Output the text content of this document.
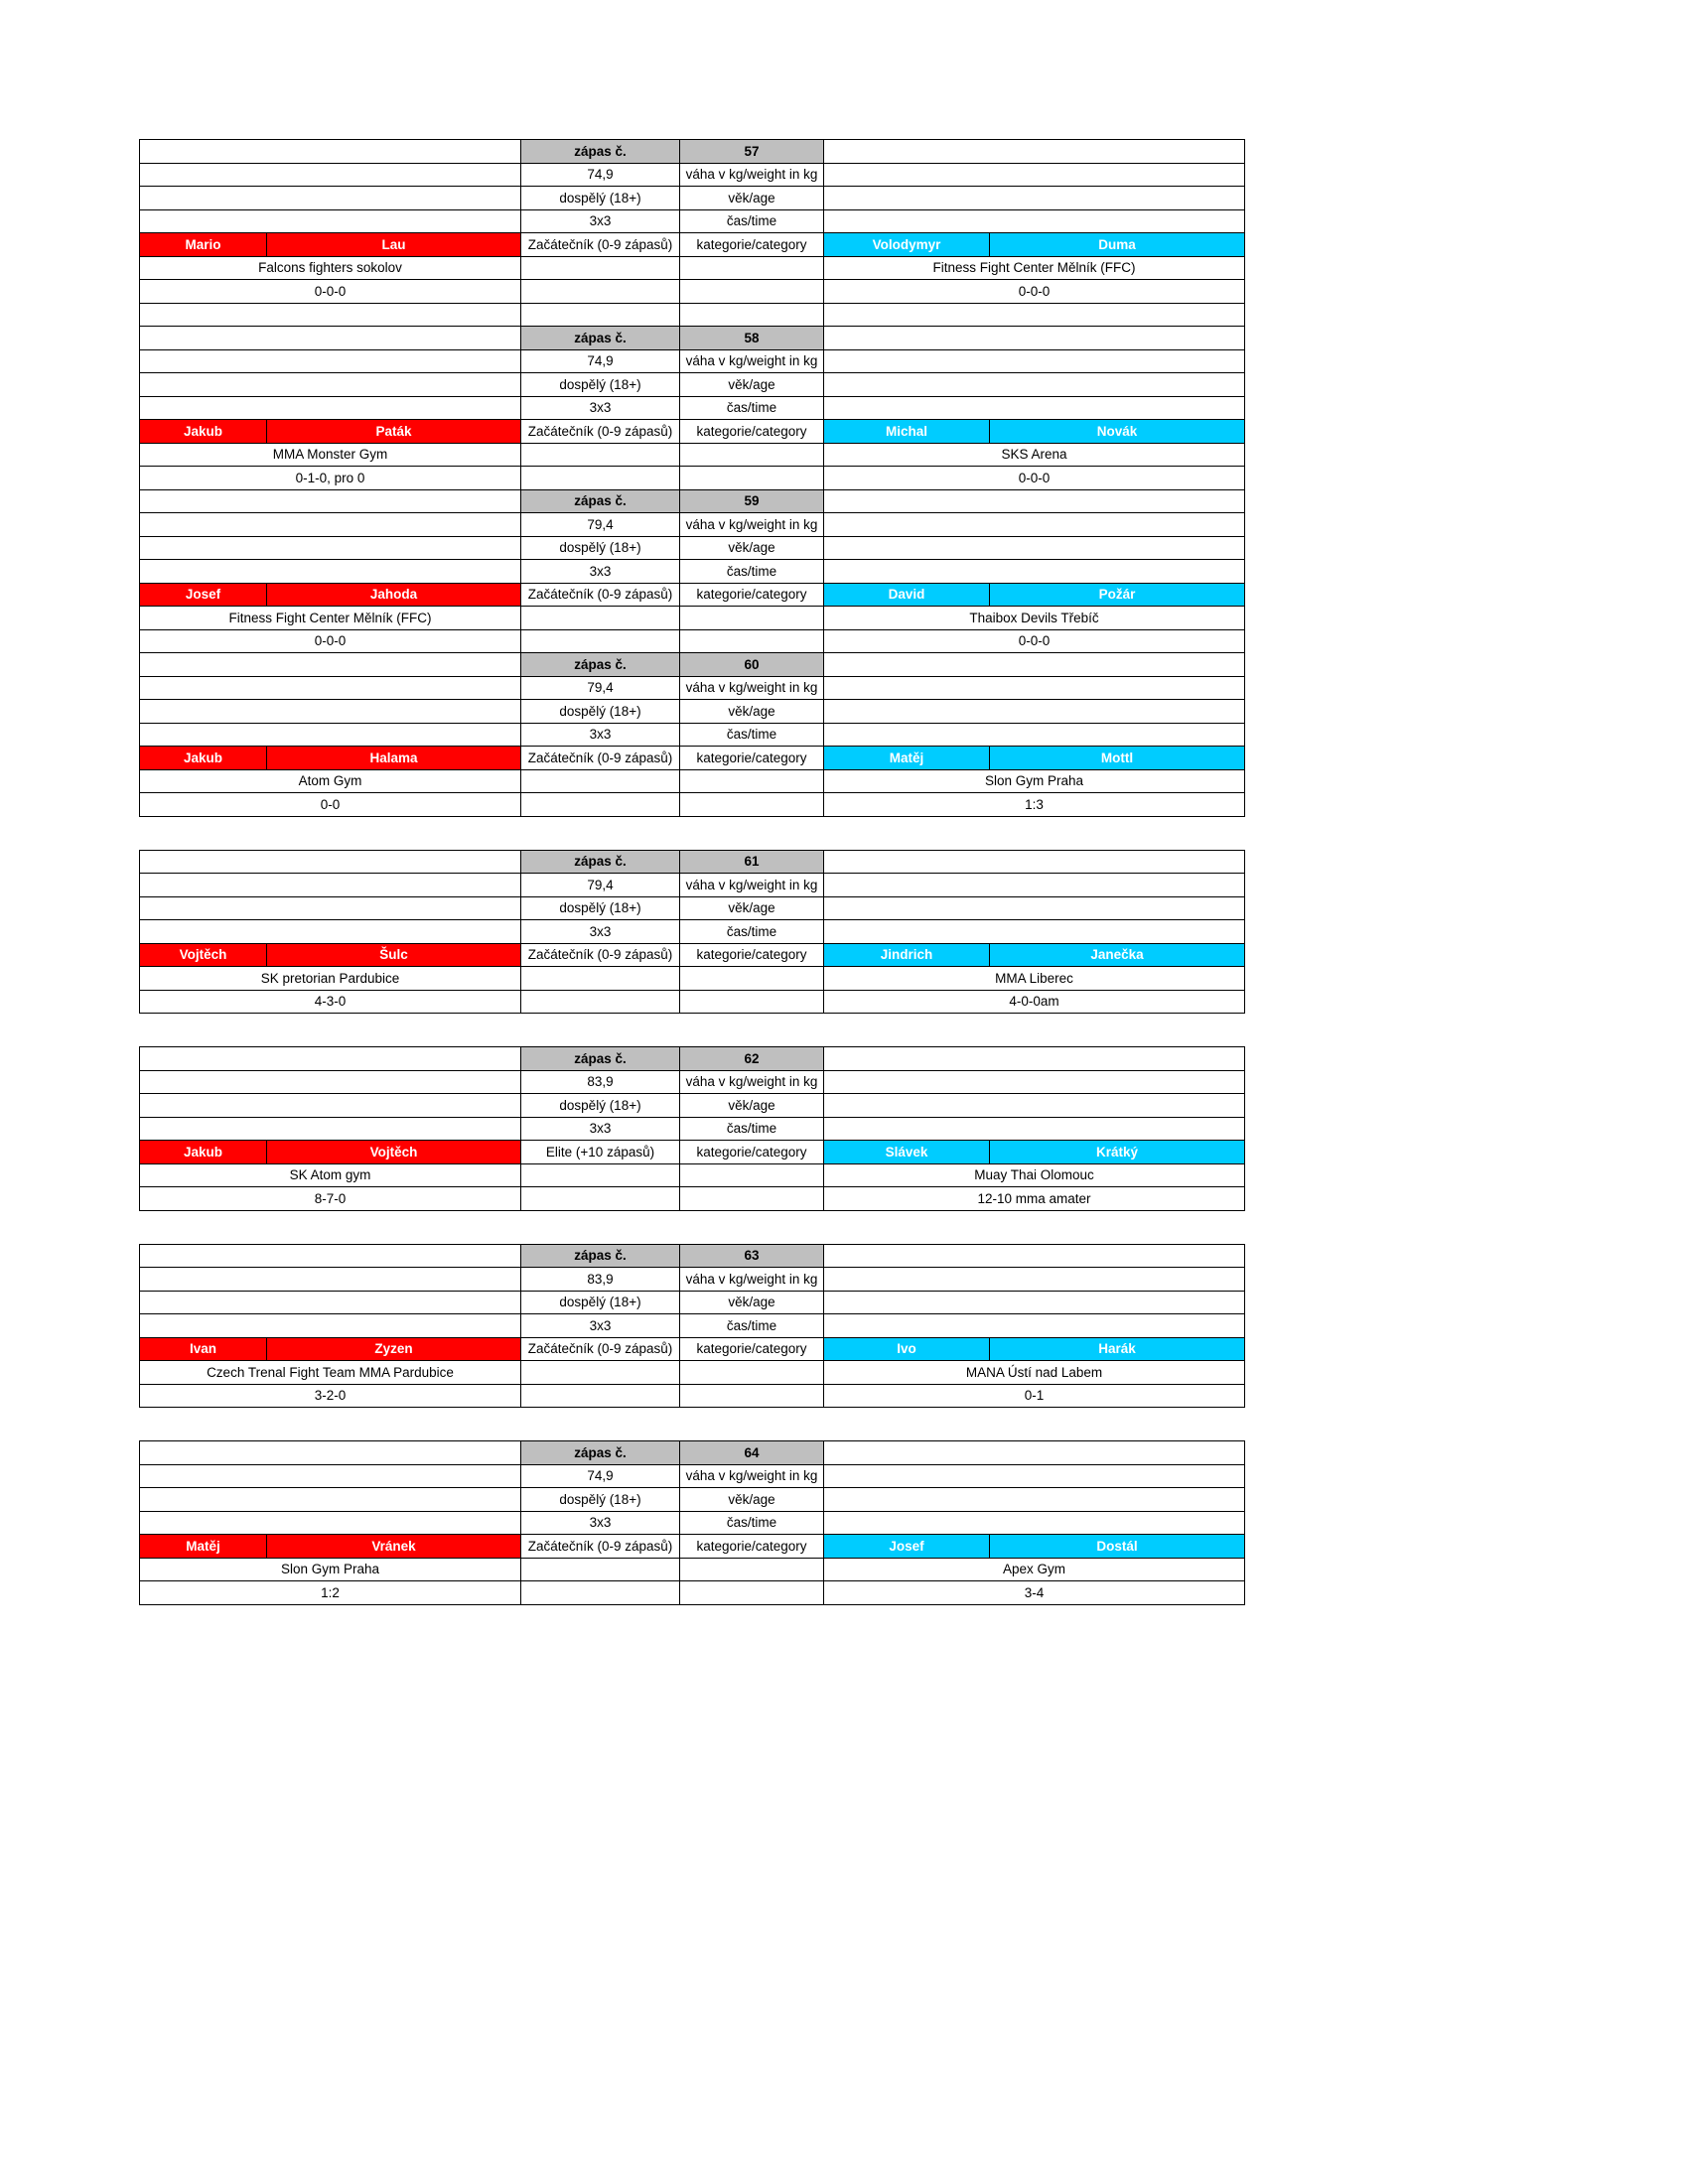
		zápas č.	57		
		74,9	váha v kg/weight in kg		
		dospělý (18+)	věk/age		
		3x3	čas/time		
Mario	Lau	Začátečník (0-9 zápasů)	kategorie/category	Volodymyr	Duma
Falcons fighters sokolov				Fitness Fight Center Mělník (FFC)	
0-0-0				0-0-0	

		zápas č.	58		
		74,9	váha v kg/weight in kg		
		dospělý (18+)	věk/age		
		3x3	čas/time		
Jakub	Paták	Začátečník (0-9 zápasů)	kategorie/category	Michal	Novák
MMA Monster Gym				SKS Arena	
0-1-0, pro 0				0-0-0	
		zápas č.	59		
		79,4	váha v kg/weight in kg		
		dospělý (18+)	věk/age		
		3x3	čas/time		
Josef	Jahoda	Začátečník (0-9 zápasů)	kategorie/category	David	Požár
Fitness Fight Center Mělník (FFC)				Thaibox Devils Třebíč	
0-0-0				0-0-0	
		zápas č.	60		
		79,4	váha v kg/weight in kg		
		dospělý (18+)	věk/age		
		3x3	čas/time		
Jakub	Halama	Začátečník (0-9 zápasů)	kategorie/category	Matěj	Mottl
Atom Gym				Slon Gym Praha	
0-0				1:3	
		zápas č.	61		
		79,4	váha v kg/weight in kg		
		dospělý (18+)	věk/age		
		3x3	čas/time		
Vojtěch	Šulc	Začátečník (0-9 zápasů)	kategorie/category	Jindrich	Janečka
SK pretorian Pardubice				MMA Liberec	
4-3-0				4-0-0am	
		zápas č.	62		
		83,9	váha v kg/weight in kg		
		dospělý (18+)	věk/age		
		3x3	čas/time		
Jakub	Vojtěch	Elite (+10 zápasů)	kategorie/category	Slávek	Krátký
SK Atom gym				Muay Thai Olomouc	
8-7-0				12-10 mma amater	
		zápas č.	63		
		83,9	váha v kg/weight in kg		
		dospělý (18+)	věk/age		
		3x3	čas/time		
Ivan	Zyzen	Začátečník (0-9 zápasů)	kategorie/category	Ivo	Harák
Czech Trenal Fight Team MMA Pardubice				MANA Ústí nad Labem	
3-2-0				0-1	
		zápas č.	64		
		74,9	váha v kg/weight in kg		
		dospělý (18+)	věk/age		
		3x3	čas/time		
Matěj	Vránek	Začátečník (0-9 zápasů)	kategorie/category	Josef	Dostál
Slon Gym Praha				Apex Gym	
1:2				3-4	
